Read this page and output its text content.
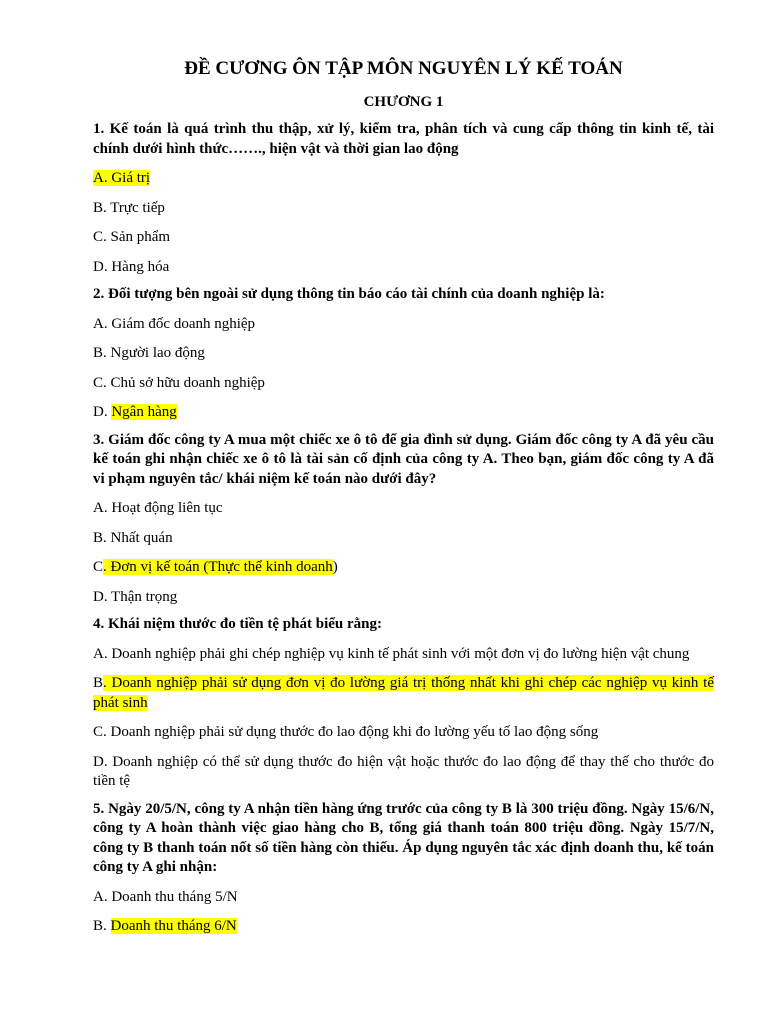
ĐỀ CƯƠNG ÔN TẬP MÔN NGUYÊN LÝ KẾ TOÁN
CHƯƠNG 1
1. Kế toán là quá trình thu thập, xử lý, kiểm tra, phân tích và cung cấp thông tin kinh tế, tài chính dưới hình thức……., hiện vật và thời gian lao động
A. Giá trị
B. Trực tiếp
C. Sản phẩm
D. Hàng hóa
2. Đối tượng bên ngoài sử dụng thông tin báo cáo tài chính của doanh nghiệp là:
A. Giám đốc doanh nghiệp
B. Người lao động
C. Chủ sở hữu doanh nghiệp
D. Ngân hàng
3. Giám đốc công ty A mua một chiếc xe ô tô để gia đình sử dụng. Giám đốc công ty A đã yêu cầu kế toán ghi nhận chiếc xe ô tô là tài sản cố định của công ty A. Theo bạn, giám đốc công ty A đã vi phạm nguyên tắc/ khái niệm kế toán nào dưới đây?
A. Hoạt động liên tục
B. Nhất quán
C. Đơn vị kế toán (Thực thể kinh doanh)
D. Thận trọng
4. Khái niệm thước đo tiền tệ phát biểu rằng:
A. Doanh nghiệp phải ghi chép nghiệp vụ kinh tế phát sinh với một đơn vị đo lường hiện vật chung
B. Doanh nghiệp phải sử dụng đơn vị đo lường giá trị thống nhất khi ghi chép các nghiệp vụ kinh tế phát sinh
C. Doanh nghiệp phải sử dụng thước đo lao động khi đo lường yếu tố lao động sống
D. Doanh nghiệp có thể sử dụng thước đo hiện vật hoặc thước đo lao động để thay thế cho thước đo tiền tệ
5. Ngày 20/5/N, công ty A nhận tiền hàng ứng trước của công ty B là 300 triệu đồng. Ngày 15/6/N, công ty A hoàn thành việc giao hàng cho B, tổng giá thanh toán 800 triệu đồng. Ngày 15/7/N, công ty B thanh toán nốt số tiền hàng còn thiếu. Áp dụng nguyên tắc xác định doanh thu, kế toán công ty A ghi nhận:
A. Doanh thu tháng 5/N
B. Doanh thu tháng 6/N
